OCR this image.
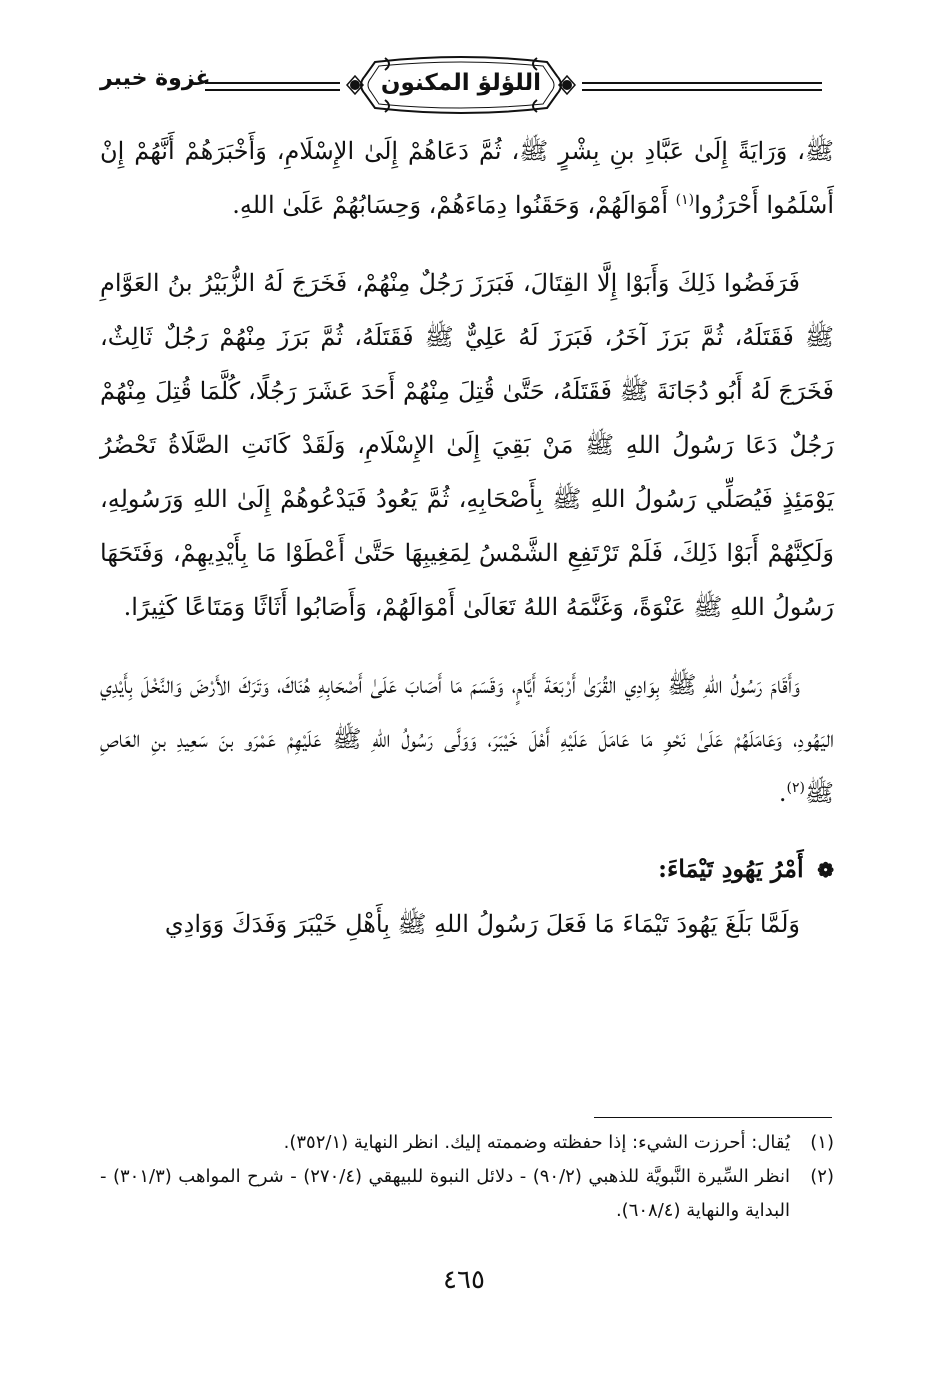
غزوة خيبر	اللؤلؤ المكنون

ﷺ، وَرَايَةً إِلَىٰ عَبَّادِ بنِ بِشْرٍ ﷺ، ثُمَّ دَعَاهُمْ إِلَىٰ الإِسْلَامِ، وَأَخْبَرَهُمْ أَنَّهُمْ إِنْ أَسْلَمُوا أَحْرَزُوا$^{(١)}$ أَمْوَالَهُمْ، وَحَقَنُوا دِمَاءَهُمْ، وَحِسَابُهُمْ عَلَىٰ اللهِ.

فَرَفَضُوا ذَلِكَ وَأَبَوْا إِلَّا القِتَالَ، فَبَرَزَ رَجُلٌ مِنْهُمْ، فَخَرَجَ لَهُ الزُّبَيْرُ بنُ العَوَّامِ ﷺ فَقَتَلَهُ، ثُمَّ بَرَزَ آخَرُ، فَبَرَزَ لَهُ عَلِيٌّ ﷺ فَقَتَلَهُ، ثُمَّ بَرَزَ مِنْهُمْ رَجُلٌ ثَالِثٌ، فَخَرَجَ لَهُ أَبُو دُجَانَةَ ﷺ فَقَتَلَهُ، حَتَّىٰ قُتِلَ مِنْهُمْ أَحَدَ عَشَرَ رَجُلًا، كُلَّمَا قُتِلَ مِنْهُمْ رَجُلٌ دَعَا رَسُولُ اللهِ ﷺ مَنْ بَقِيَ إِلَىٰ الإِسْلَامِ، وَلَقَدْ كَانَتِ الصَّلَاةُ تَحْضُرُ يَوْمَئِذٍ فَيُصَلِّي رَسُولُ اللهِ ﷺ بِأَصْحَابِهِ، ثُمَّ يَعُودُ فَيَدْعُوهُمْ إِلَىٰ اللهِ وَرَسُولِهِ، وَلَكِنَّهُمْ أَبَوْا ذَلِكَ، فَلَمْ تَرْتَفِعِ الشَّمْسُ لِمَغِيبِهَا حَتَّىٰ أَعْطَوْا مَا بِأَيْدِيهِمْ، وَفَتَحَهَا رَسُولُ اللهِ ﷺ عَنْوَةً، وَغَنَّمَهُ اللهُ تَعَالَىٰ أَمْوَالَهُمْ، وَأَصَابُوا أَثَاثًا وَمَتَاعًا كَثِيرًا.

وَأَقَامَ رَسُولُ اللهِ ﷺ بِوَادِي القُرَىٰ أَرْبَعَةَ أَيَّامٍ، وَقَسَمَ مَا أَصَابَ عَلَىٰ أَصْحَابِهِ هُنَاكَ، وَتَرَكَ الأَرْضَ وَالنَّخْلَ بِأَيْدِي اليَهُودِ، وَعَامَلَهُمْ عَلَىٰ نَحْوِ مَا عَامَلَ عَلَيْهِ أَهْلَ خَيْبَرَ، وَوَلَّى رَسُولُ اللهِ ﷺ عَلَيْهِمْ عَمْرَو بنَ سَعِيدِ بنِ العَاصِ ﷺ$^{(٢)}$.

❁ أَمْرُ يَهُودِ تَيْمَاءَ:

وَلَمَّا بَلَغَ يَهُودَ تَيْمَاءَ مَا فَعَلَ رَسُولُ اللهِ ﷺ بِأَهْلِ خَيْبَرَ وَفَدَكَ وَوَادِي

(١)
يُقال: أحرزت الشيء: إذا حفظته وضممته إليك. انظر النهاية (٣٥٢/١).
(٢)
انظر السِّيرة النَّبويَّة للذهبي (٩٠/٢) - دلائل النبوة للبيهقي (٢٧٠/٤) - شرح المواهب (٣٠١/٣) - البداية والنهاية (٦٠٨/٤).
٤٦٥
